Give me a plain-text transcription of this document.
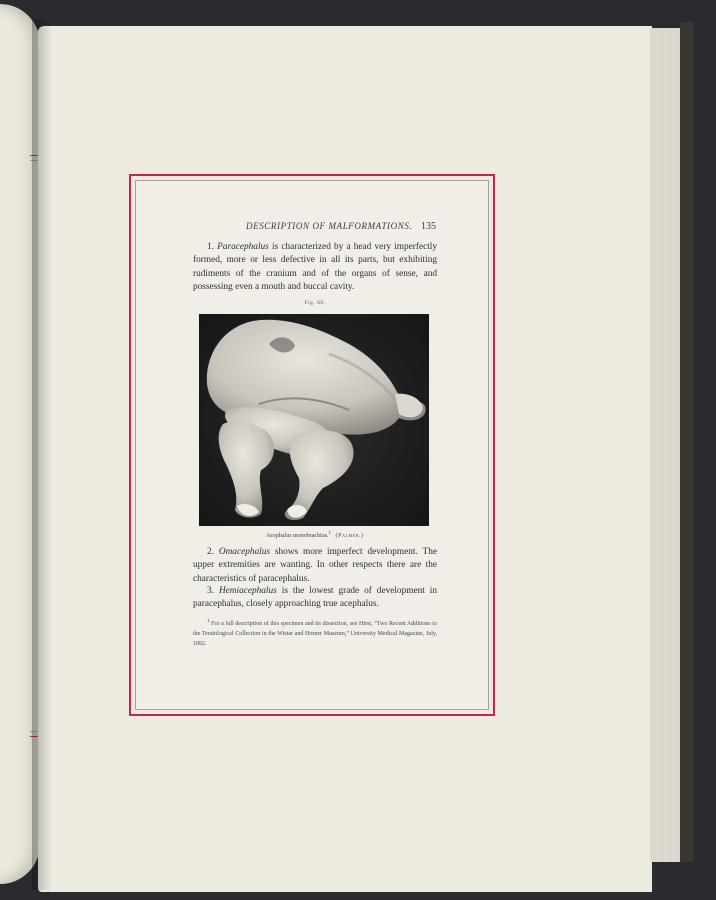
DESCRIPTION OF MALFORMATIONS. 135
1. Paracephalus is characterized by a head very imperfectly formed, more or less defective in all its parts, but exhibiting rudiments of the cranium and of the organs of sense, and possessing even a mouth and buccal cavity.
Fig. 60.
Acephalus monobrachius.$^1$ (Palmer.)
2. Omacephalus shows more imperfect development. The upper extremities are wanting. In other respects there are the characteristics of paracephalus.
3. Hemiacephalus is the lowest grade of development in paracephalus, closely approaching true acephalus.
$^1$ For a full description of this specimen and its dissection, see Hirst, “Two Recent Additions to the Teratological Collection in the Wistar and Horner Museum,” University Medical Magazine, July, 1892.
